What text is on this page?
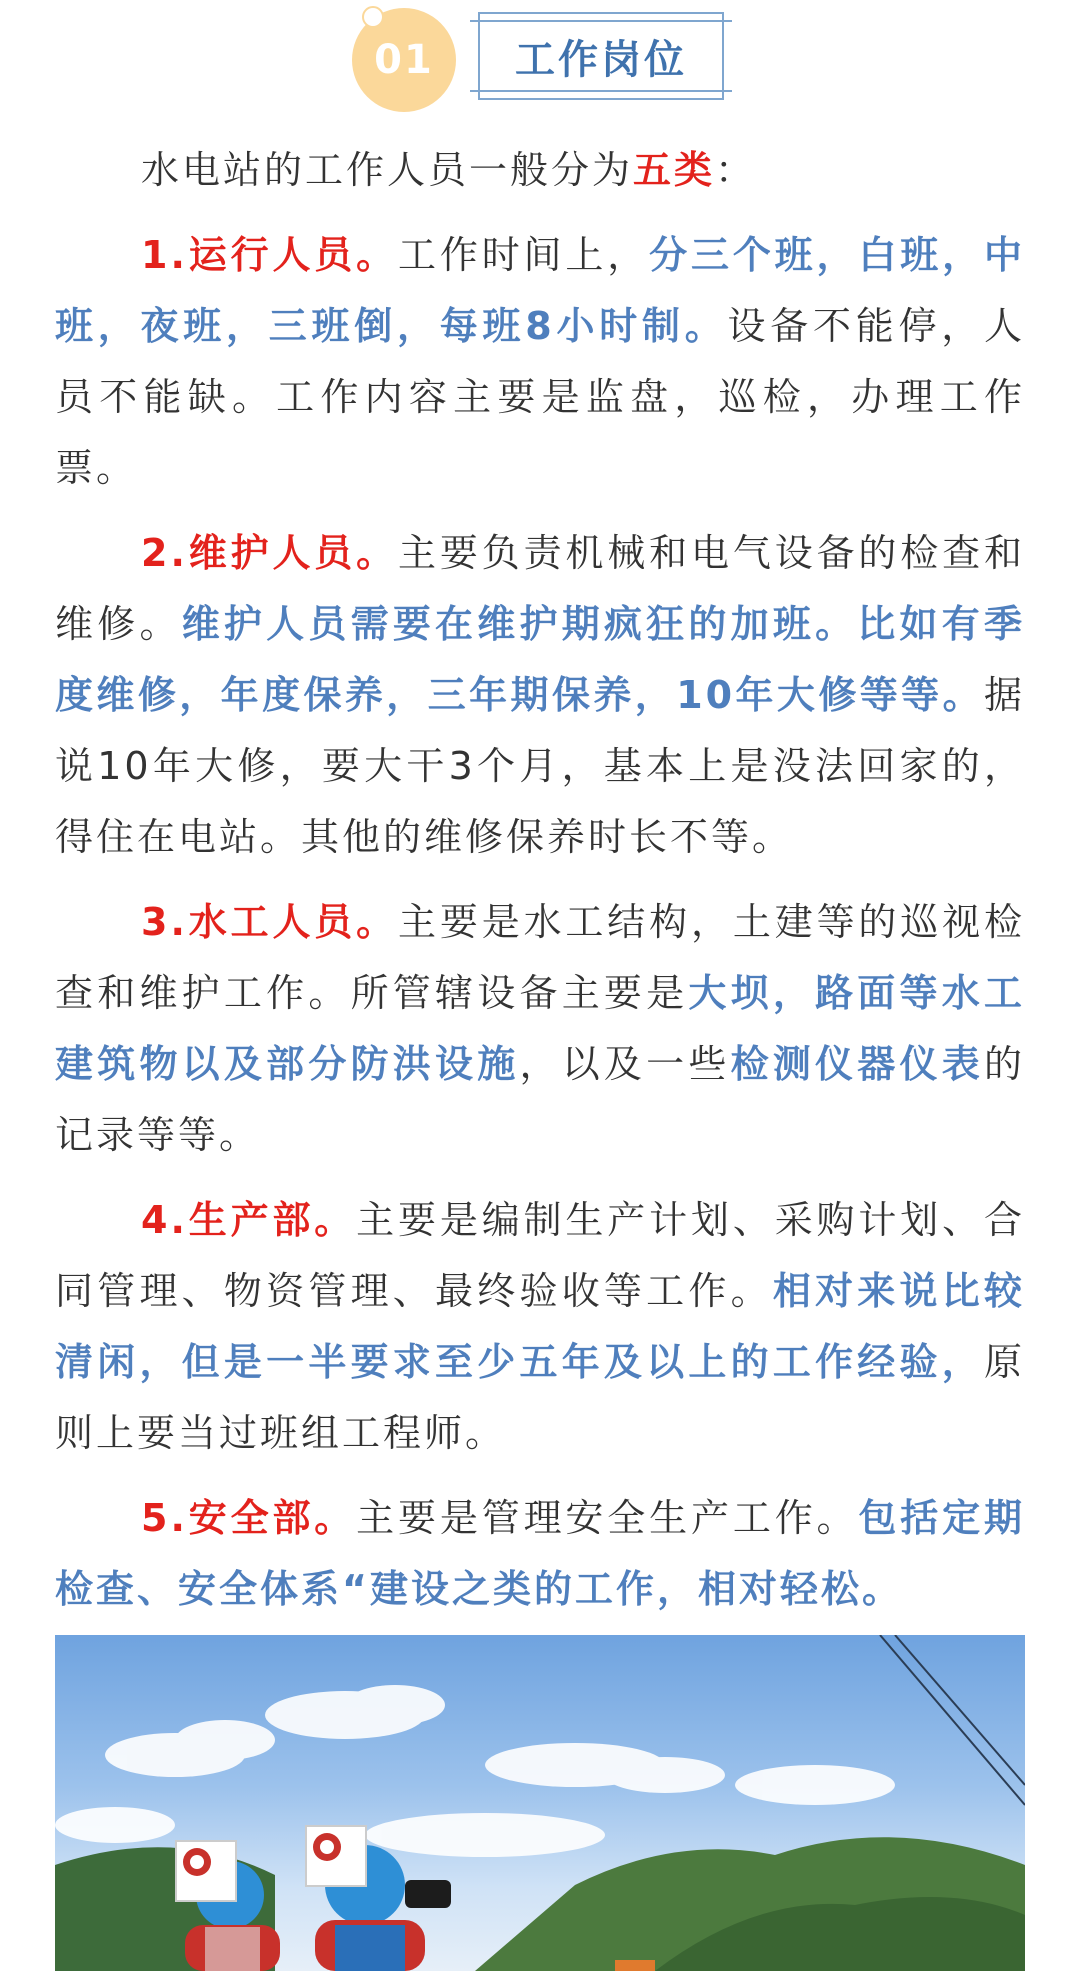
01 工作岗位

水电站的工作人员一般分为五类：

1.运行人员。工作时间上，分三个班，白班，中班，夜班，三班倒，每班8小时制。设备不能停，人员不能缺。工作内容主要是监盘，巡检，办理工作票。

2.维护人员。主要负责机械和电气设备的检查和维修。维护人员需要在维护期疯狂的加班。比如有季度维修，年度保养，三年期保养，10年大修等等。据说10年大修，要大干3个月，基本上是没法回家的，得住在电站。其他的维修保养时长不等。

3.水工人员。主要是水工结构，土建等的巡视检查和维护工作。所管辖设备主要是大坝，路面等水工建筑物以及部分防洪设施，以及一些检测仪器仪表的记录等等。

4.生产部。主要是编制生产计划、采购计划、合同管理、物资管理、最终验收等工作。相对来说比较清闲，但是一半要求至少五年及以上的工作经验，原则上要当过班组工程师。

5.安全部。主要是管理安全生产工作。包括定期检查、安全体系“建设之类的工作，相对轻松。
